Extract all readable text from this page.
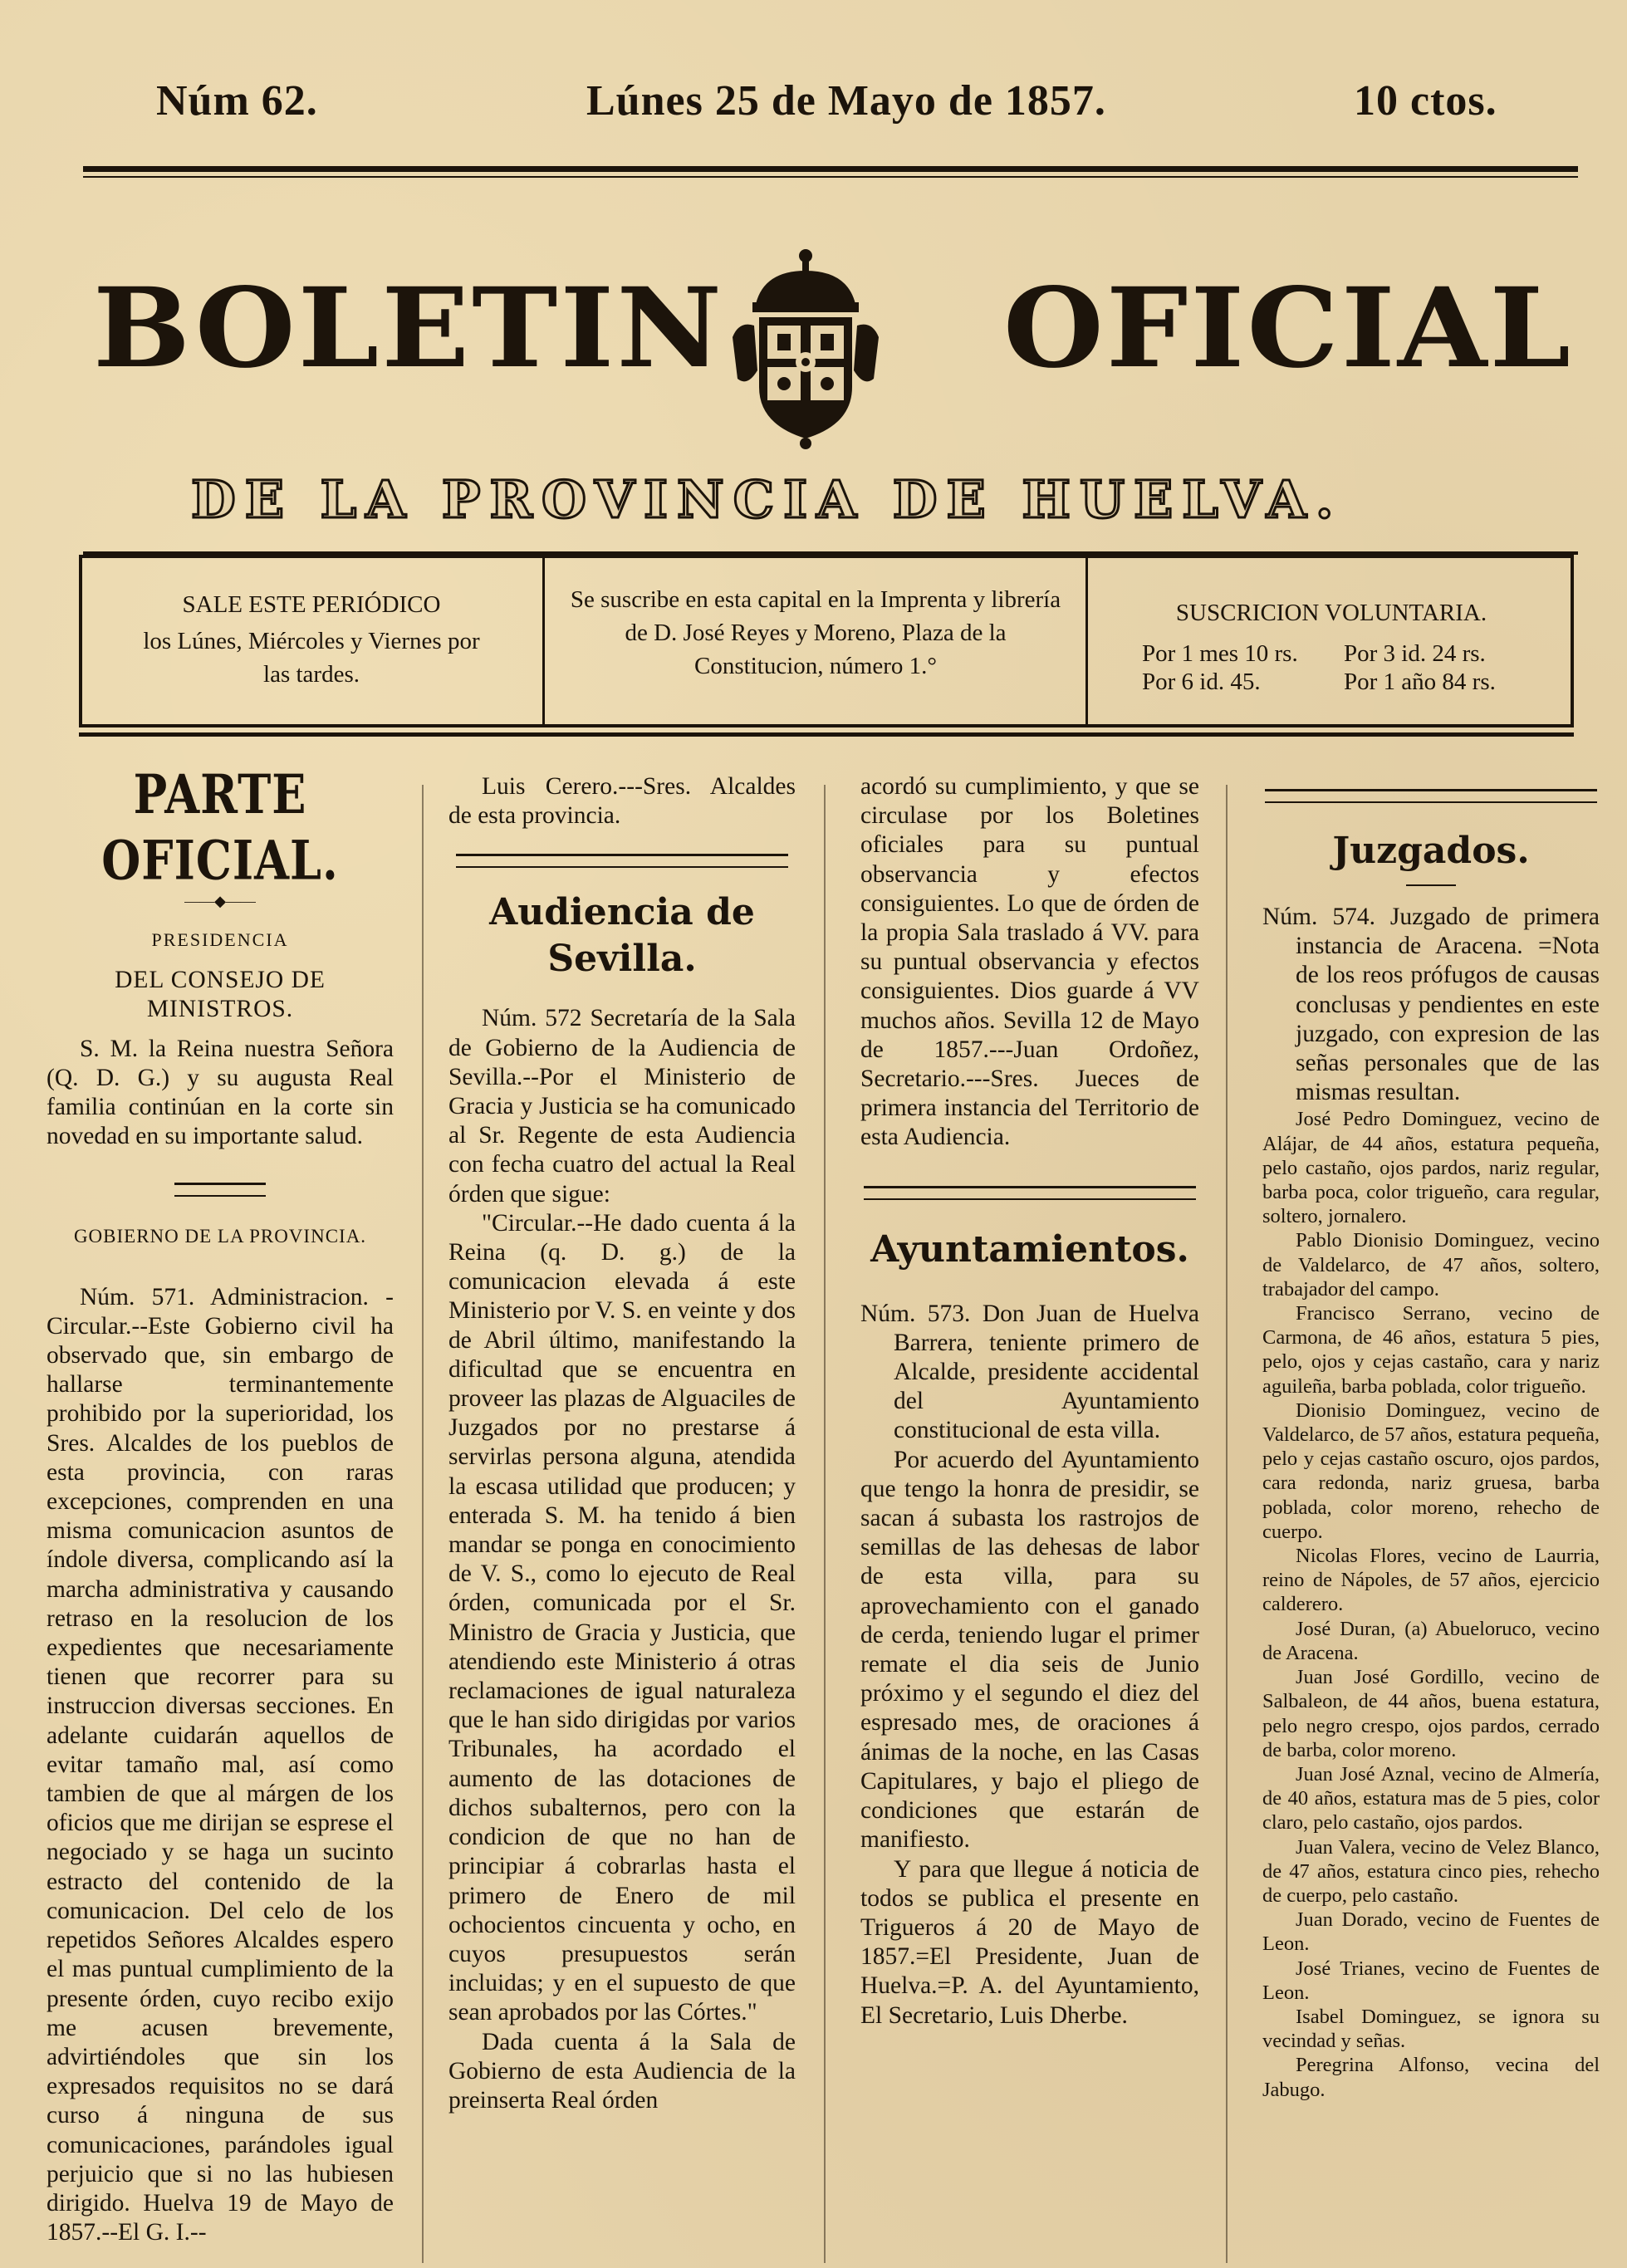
Núm 62.	Lúnes 25 de Mayo de 1857.	10 ctos.
BOLETIN	OFICIAL
DE LA PROVINCIA DE HUELVA.
SALE ESTE PERIÓDICO
los Lúnes, Miércoles y Viernes por las tardes.
Se suscribe en esta capital en la Imprenta y librería de D. José Reyes y Moreno, Plaza de la Constitucion, número 1.°
SUSCRICION VOLUNTARIA.
Por 1 mes 10 rs.	Por 3 id. 24 rs.
Por 6 id. 45.	Por 1 año 84 rs.
PARTE OFICIAL.
——◆——

PRESIDENCIA

DEL CONSEJO DE MINISTROS.

S. M. la Reina nuestra Señora (Q. D. G.) y su augusta Real familia continúan en la corte sin novedad en su importante salud.

GOBIERNO DE LA PROVINCIA.

Núm. 571. Administracion. -Circular.--Este Gobierno civil ha observado que, sin embargo de hallarse terminantemente prohibido por la superioridad, los Sres. Alcaldes de los pueblos de esta provincia, con raras excepciones, comprenden en una misma comunicacion asuntos de índole diversa, complicando así la marcha administrativa y causando retraso en la resolucion de los expedientes que necesariamente tienen que recorrer para su instruccion diversas secciones. En adelante cuidarán aquellos de evitar tamaño mal, así como tambien de que al márgen de los oficios que me dirijan se esprese el negociado y se haga un sucinto estracto del contenido de la comunicacion. Del celo de los repetidos Señores Alcaldes espero el mas puntual cumplimiento de la presente órden, cuyo recibo exijo me acusen brevemente, advirtiéndoles que sin los expresados requisitos no se dará curso á ninguna de sus comunicaciones, parándoles igual perjuicio que si no las hubiesen dirigido. Huelva 19 de Mayo de 1857.--El G. I.--

Luis Cerero.---Sres. Alcaldes de esta provincia.

Audiencia de Sevilla.

Núm. 572 Secretaría de la Sala de Gobierno de la Audiencia de Sevilla.--Por el Ministerio de Gracia y Justicia se ha comunicado al Sr. Regente de esta Audiencia con fecha cuatro del actual la Real órden que sigue:

"Circular.--He dado cuenta á la Reina (q. D. g.) de la comunicacion elevada á este Ministerio por V. S. en veinte y dos de Abril último, manifestando la dificultad que se encuentra en proveer las plazas de Alguaciles de Juzgados por no prestarse á servirlas persona alguna, atendida la escasa utilidad que producen; y enterada S. M. ha tenido á bien mandar se ponga en conocimiento de V. S., como lo ejecuto de Real órden, comunicada por el Sr. Ministro de Gracia y Justicia, que atendiendo este Ministerio á otras reclamaciones de igual naturaleza que le han sido dirigidas por varios Tribunales, ha acordado el aumento de las dotaciones de dichos subalternos, pero con la condicion de que no han de principiar á cobrarlas hasta el primero de Enero de mil ochocientos cincuenta y ocho, en cuyos presupuestos serán incluidas; y en el supuesto de que sean aprobados por las Córtes."

Dada cuenta á la Sala de Gobierno de esta Audiencia de la preinserta Real órden

acordó su cumplimiento, y que se circulase por los Boletines oficiales para su puntual observancia y efectos consiguientes. Lo que de órden de la propia Sala traslado á VV. para su puntual observancia y efectos consiguientes. Dios guarde á VV muchos años. Sevilla 12 de Mayo de 1857.---Juan Ordoñez, Secretario.---Sres. Jueces de primera instancia del Territorio de esta Audiencia.

Ayuntamientos.

Núm. 573. Don Juan de Huelva Barrera, teniente primero de Alcalde, presidente accidental del Ayuntamiento constitucional de esta villa.

Por acuerdo del Ayuntamiento que tengo la honra de presidir, se sacan á subasta los rastrojos de semillas de las dehesas de labor de esta villa, para su aprovechamiento con el ganado de cerda, teniendo lugar el primer remate el dia seis de Junio próximo y el segundo el diez del espresado mes, de oraciones á ánimas de la noche, en las Casas Capitulares, y bajo el pliego de condiciones que estarán de manifiesto.

Y para que llegue á noticia de todos se publica el presente en Trigueros á 20 de Mayo de 1857.=El Presidente, Juan de Huelva.=P. A. del Ayuntamiento, El Secretario, Luis Dherbe.

Juzgados.

Núm. 574. Juzgado de primera instancia de Aracena. =Nota de los reos prófugos de causas conclusas y pendientes en este juzgado, con expresion de las señas personales que de las mismas resultan.

José Pedro Dominguez, vecino de Alájar, de 44 años, estatura pequeña, pelo castaño, ojos pardos, nariz regular, barba poca, color trigueño, cara regular, soltero, jornalero.

Pablo Dionisio Dominguez, vecino de Valdelarco, de 47 años, soltero, trabajador del campo.

Francisco Serrano, vecino de Carmona, de 46 años, estatura 5 pies, pelo, ojos y cejas castaño, cara y nariz aguileña, barba poblada, color trigueño.

Dionisio Dominguez, vecino de Valdelarco, de 57 años, estatura pequeña, pelo y cejas castaño oscuro, ojos pardos, cara redonda, nariz gruesa, barba poblada, color moreno, rehecho de cuerpo.

Nicolas Flores, vecino de Laurria, reino de Nápoles, de 57 años, ejercicio calderero.

José Duran, (a) Abueloruco, vecino de Aracena.

Juan José Gordillo, vecino de Salbaleon, de 44 años, buena estatura, pelo negro crespo, ojos pardos, cerrado de barba, color moreno.

Juan José Aznal, vecino de Almería, de 40 años, estatura mas de 5 pies, color claro, pelo castaño, ojos pardos.

Juan Valera, vecino de Velez Blanco, de 47 años, estatura cinco pies, rehecho de cuerpo, pelo castaño.

Juan Dorado, vecino de Fuentes de Leon.

José Trianes, vecino de Fuentes de Leon.

Isabel Dominguez, se ignora su vecindad y señas.

Peregrina Alfonso, vecina del Jabugo.
